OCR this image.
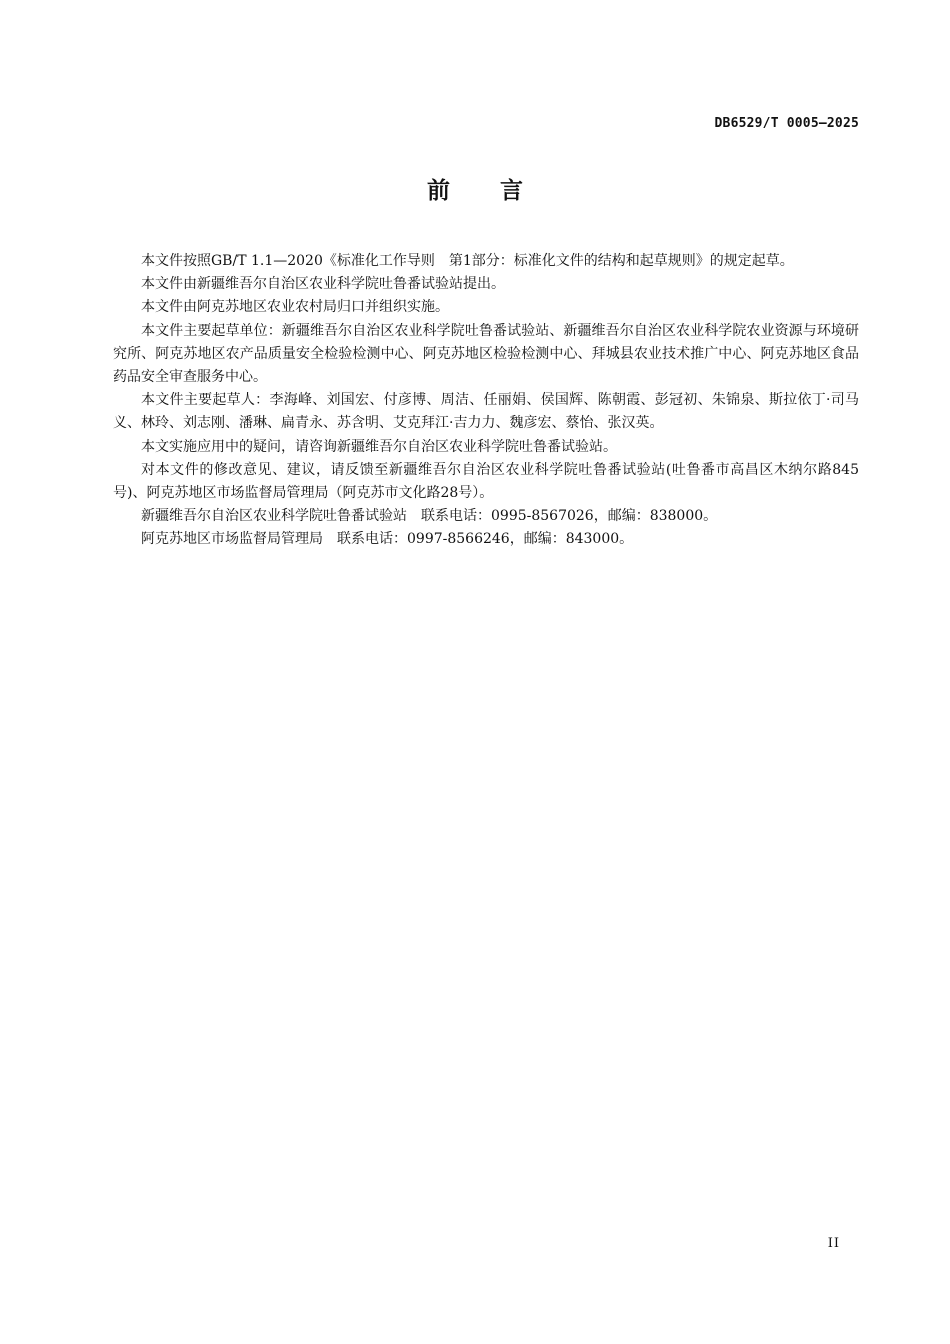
DB6529/T 0005—2025
前言

本文件按照GB/T 1.1—2020《标准化工作导则　第1部分：标准化文件的结构和起草规则》的规定起草。

本文件由新疆维吾尔自治区农业科学院吐鲁番试验站提出。

本文件由阿克苏地区农业农村局归口并组织实施。

本文件主要起草单位：新疆维吾尔自治区农业科学院吐鲁番试验站、新疆维吾尔自治区农业科学院农业资源与环境研究所、阿克苏地区农产品质量安全检验检测中心、阿克苏地区检验检测中心、拜城县农业技术推广中心、阿克苏地区食品药品安全审查服务中心。

本文件主要起草人：李海峰、刘国宏、付彦博、周洁、任丽娟、侯国辉、陈朝霞、彭冠初、朱锦泉、斯拉依丁·司马义、林玲、刘志刚、潘琳、扁青永、苏含明、艾克拜江·吉力力、魏彦宏、蔡怡、张汉英。

本文实施应用中的疑问，请咨询新疆维吾尔自治区农业科学院吐鲁番试验站。

对本文件的修改意见、建议，请反馈至新疆维吾尔自治区农业科学院吐鲁番试验站(吐鲁番市高昌区木纳尔路845号)、阿克苏地区市场监督局管理局（阿克苏市文化路28号）。

新疆维吾尔自治区农业科学院吐鲁番试验站　联系电话：0995-8567026，邮编：838000。

阿克苏地区市场监督局管理局　联系电话：0997-8566246，邮编：843000。

II
